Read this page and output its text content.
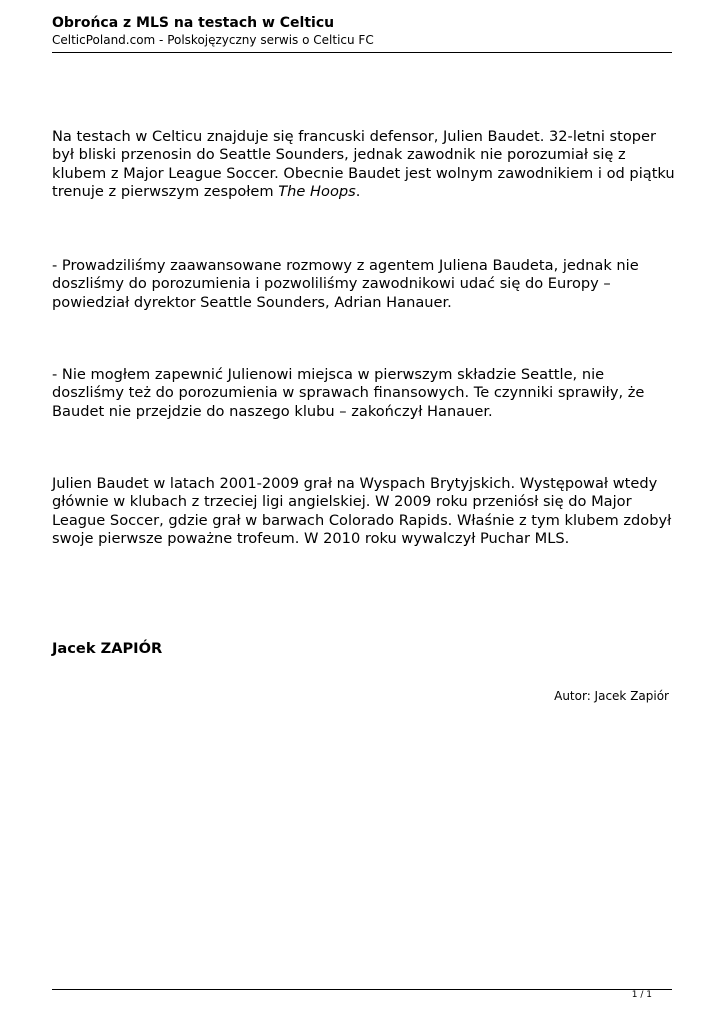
Obrońca z MLS na testach w Celticu
CelticPoland.com - Polskojęzyczny serwis o Celticu FC

Na testach w Celticu znajduje się francuski defensor, Julien Baudet. 32-letni stoper był bliski przenosin do Seattle Sounders, jednak zawodnik nie porozumiał się z klubem z Major League Soccer. Obecnie Baudet jest wolnym zawodnikiem i od piątku trenuje z pierwszym zespołem The Hoops.

- Prowadziliśmy zaawansowane rozmowy z agentem Juliena Baudeta, jednak nie doszliśmy do porozumienia i pozwoliliśmy zawodnikowi udać się do Europy – powiedział dyrektor Seattle Sounders, Adrian Hanauer.

- Nie mogłem zapewnić Julienowi miejsca w pierwszym składzie Seattle, nie doszliśmy też do porozumienia w sprawach finansowych. Te czynniki sprawiły, że Baudet nie przejdzie do naszego klubu – zakończył Hanauer.

Julien Baudet w latach 2001-2009 grał na Wyspach Brytyjskich. Występował wtedy głównie w klubach z trzeciej ligi angielskiej. W 2009 roku przeniósł się do Major League Soccer, gdzie grał w barwach Colorado Rapids. Właśnie z tym klubem zdobył swoje pierwsze poważne trofeum. W 2010 roku wywalczył Puchar MLS.

Jacek ZAPIÓR
Autor: Jacek Zapiór
1 / 1
